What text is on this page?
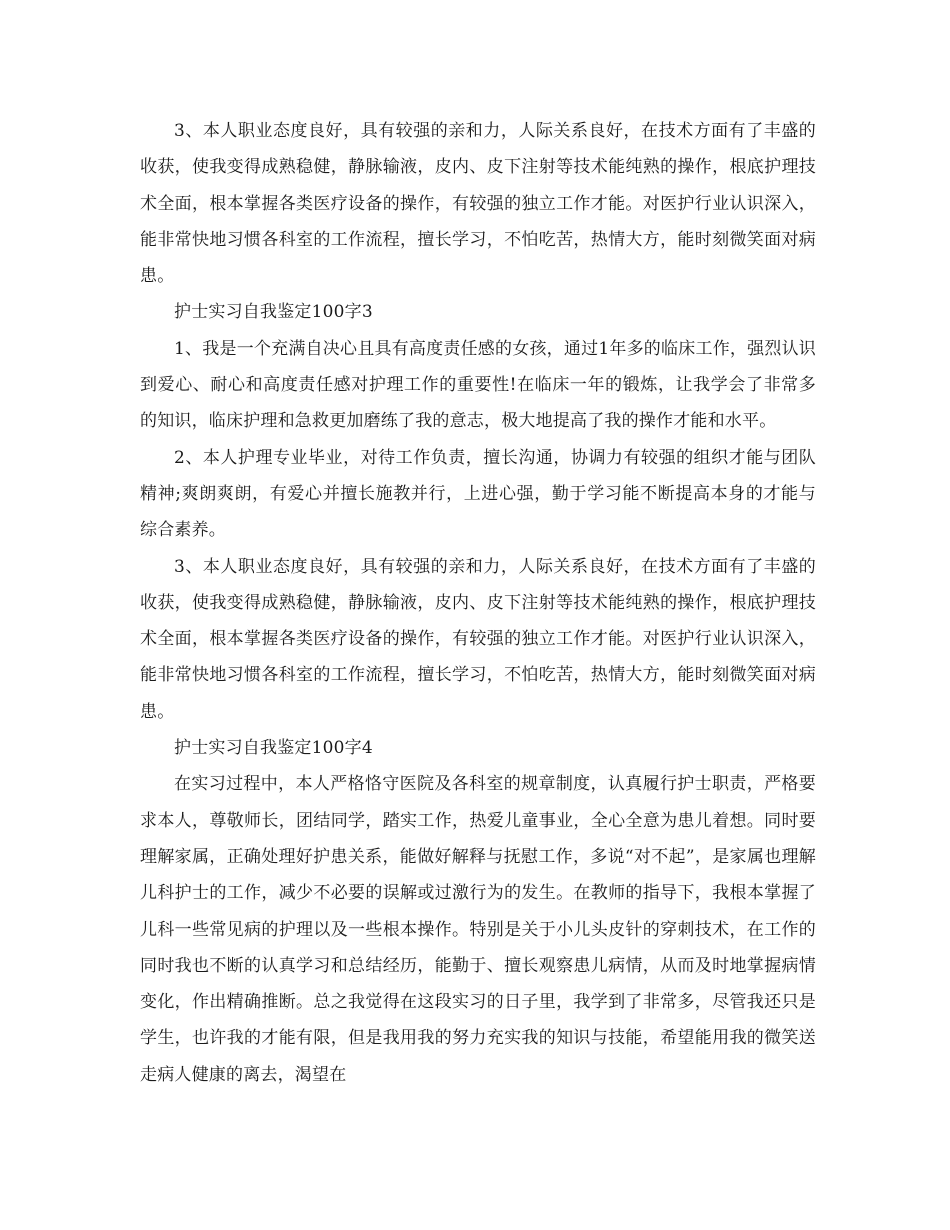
3、本人职业态度良好，具有较强的亲和力，人际关系良好，在技术方面有了丰盛的收获，使我变得成熟稳健，静脉输液，皮内、皮下注射等技术能纯熟的操作，根底护理技术全面，根本掌握各类医疗设备的操作，有较强的独立工作才能。对医护行业认识深入，能非常快地习惯各科室的工作流程，擅长学习，不怕吃苦，热情大方，能时刻微笑面对病患。

护士实习自我鉴定100字3

1、我是一个充满自决心且具有高度责任感的女孩，通过1年多的临床工作，强烈认识到爱心、耐心和高度责任感对护理工作的重要性!在临床一年的锻炼，让我学会了非常多的知识，临床护理和急救更加磨练了我的意志，极大地提高了我的操作才能和水平。

2、本人护理专业毕业，对待工作负责，擅长沟通，协调力有较强的组织才能与团队精神;爽朗爽朗，有爱心并擅长施教并行，上进心强，勤于学习能不断提高本身的才能与综合素养。

3、本人职业态度良好，具有较强的亲和力，人际关系良好，在技术方面有了丰盛的收获，使我变得成熟稳健，静脉输液，皮内、皮下注射等技术能纯熟的操作，根底护理技术全面，根本掌握各类医疗设备的操作，有较强的独立工作才能。对医护行业认识深入，能非常快地习惯各科室的工作流程，擅长学习，不怕吃苦，热情大方，能时刻微笑面对病患。

护士实习自我鉴定100字4

在实习过程中，本人严格恪守医院及各科室的规章制度，认真履行护士职责，严格要求本人，尊敬师长，团结同学，踏实工作，热爱儿童事业，全心全意为患儿着想。同时要理解家属，正确处理好护患关系，能做好解释与抚慰工作，多说“对不起”，是家属也理解儿科护士的工作，减少不必要的误解或过激行为的发生。在教师的指导下，我根本掌握了儿科一些常见病的护理以及一些根本操作。特别是关于小儿头皮针的穿刺技术，在工作的同时我也不断的认真学习和总结经历，能勤于、擅长观察患儿病情，从而及时地掌握病情变化，作出精确推断。总之我觉得在这段实习的日子里，我学到了非常多，尽管我还只是学生，也许我的才能有限，但是我用我的努力充实我的知识与技能，希望能用我的微笑送走病人健康的离去，渴望在
